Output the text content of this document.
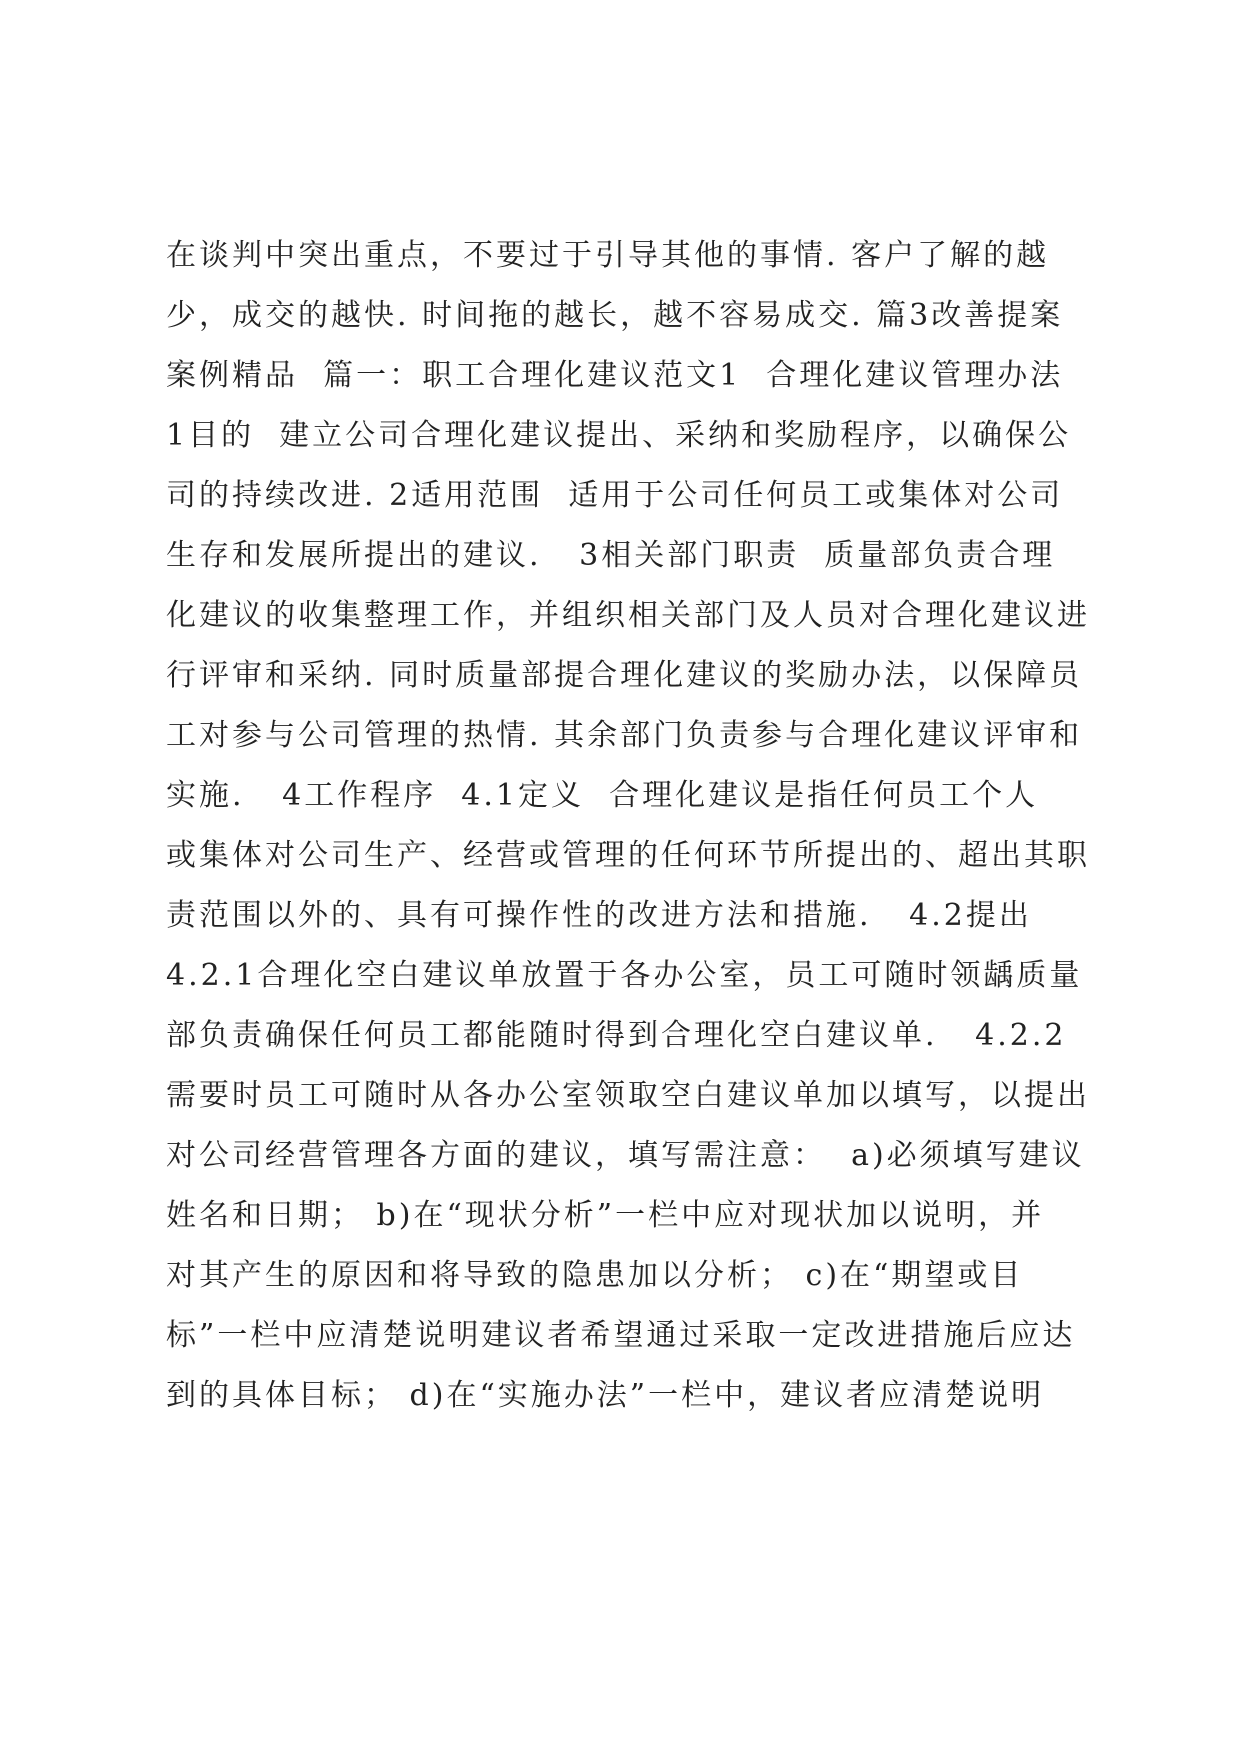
在谈判中突出重点，不要过于引导其他的事情. 客户了解的越
少，成交的越快. 时间拖的越长，越不容易成交. 篇3改善提案
案例精品  篇一：职工合理化建议范文1  合理化建议管理办法
1目的  建立公司合理化建议提出、采纳和奖励程序，以确保公
司的持续改进. 2适用范围  适用于公司任何员工或集体对公司
生存和发展所提出的建议.   3相关部门职责  质量部负责合理
化建议的收集整理工作，并组织相关部门及人员对合理化建议进
行评审和采纳. 同时质量部提合理化建议的奖励办法，以保障员
工对参与公司管理的热情. 其余部门负责参与合理化建议评审和
实施.   4工作程序  4.1定义  合理化建议是指任何员工个人
或集体对公司生产、经营或管理的任何环节所提出的、超出其职
责范围以外的、具有可操作性的改进方法和措施.   4.2提出
4.2.1合理化空白建议单放置于各办公室，员工可随时领龋质量
部负责确保任何员工都能随时得到合理化空白建议单.   4.2.2
需要时员工可随时从各办公室领取空白建议单加以填写，以提出
对公司经营管理各方面的建议，填写需注意：  a)必须填写建议
姓名和日期； b)在“现状分析”一栏中应对现状加以说明，并
对其产生的原因和将导致的隐患加以分析； c)在“期望或目
标”一栏中应清楚说明建议者希望通过采取一定改进措施后应达
到的具体目标； d)在“实施办法”一栏中，建议者应清楚说明
